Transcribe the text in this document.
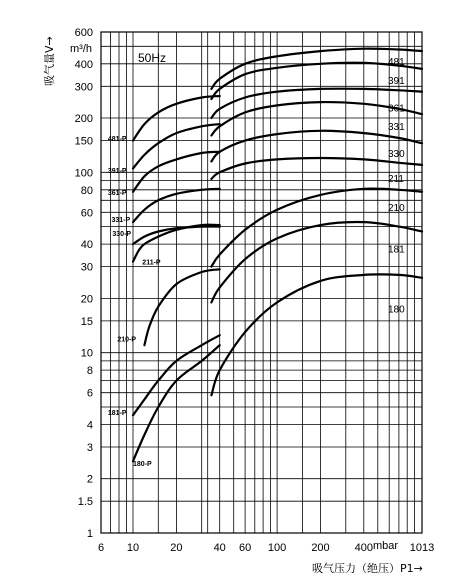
6 10	20	40 60 100 200 400	1013
1
1.5
2
3
4
6
8
10
15
20
30
40
60
80
100
150
200
300
400
600
481
391
361
331
330
211
210
181
180
481-P
391-P
361-P
331-P
330-P
211-P
210-P
181-P
180-P
50Hz
m³/h
mbar
吸气压力（绝压）P1→
吸气量V→
